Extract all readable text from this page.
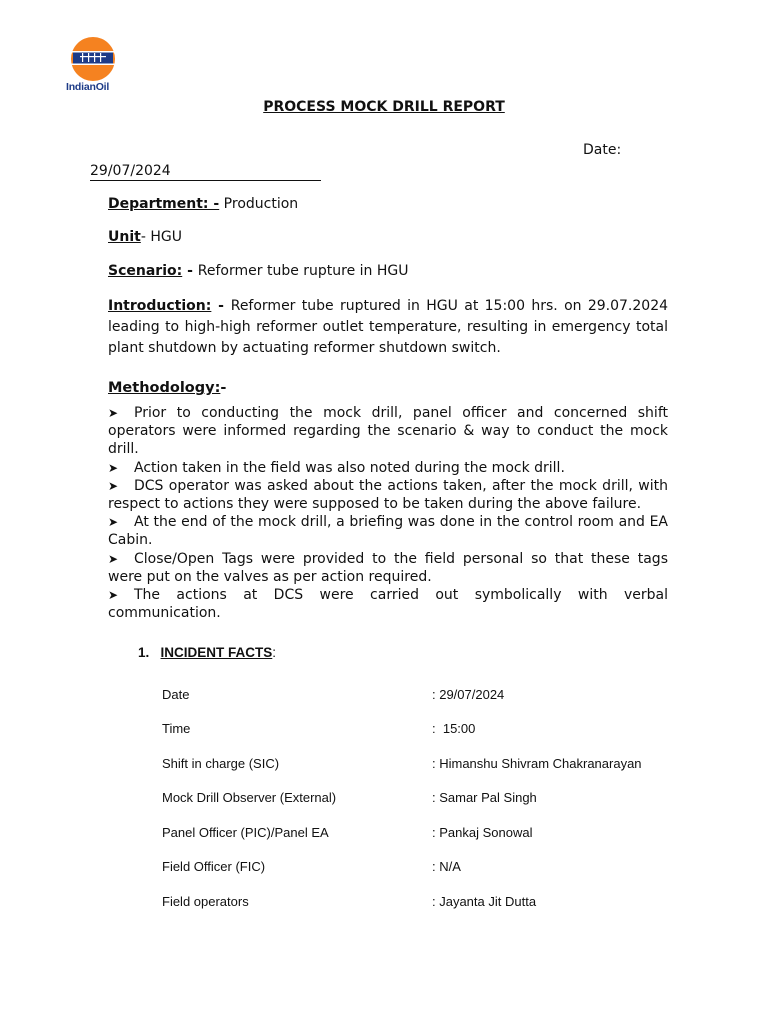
IndianOil
PROCESS MOCK DRILL REPORT
Date:
29/07/2024
Department: - Production
Unit- HGU
Scenario: - Reformer tube rupture in HGU
Introduction: - Reformer tube ruptured in HGU at 15:00 hrs. on 29.07.2024 leading to high-high reformer outlet temperature, resulting in emergency total plant shutdown by actuating reformer shutdown switch.
Methodology:-

➤ Prior to conducting the mock drill, panel officer and concerned shift operators were informed regarding the scenario & way to conduct the mock drill.

➤ Action taken in the field was also noted during the mock drill.

➤ DCS operator was asked about the actions taken, after the mock drill, with respect to actions they were supposed to be taken during the above failure.

➤ At the end of the mock drill, a briefing was done in the control room and EA Cabin.

➤ Close/Open Tags were provided to the field personal so that these tags were put on the valves as per action required.

➤ The actions at DCS were carried out symbolically with verbal communication.

1. INCIDENT FACTS:
Date	: 29/07/2024
Time	:  15:00
Shift in charge (SIC)	: Himanshu Shivram Chakranarayan
Mock Drill Observer (External)	: Samar Pal Singh
Panel Officer (PIC)/Panel EA	: Pankaj Sonowal
Field Officer (FIC)	: N/A
Field operators	: Jayanta Jit Dutta
